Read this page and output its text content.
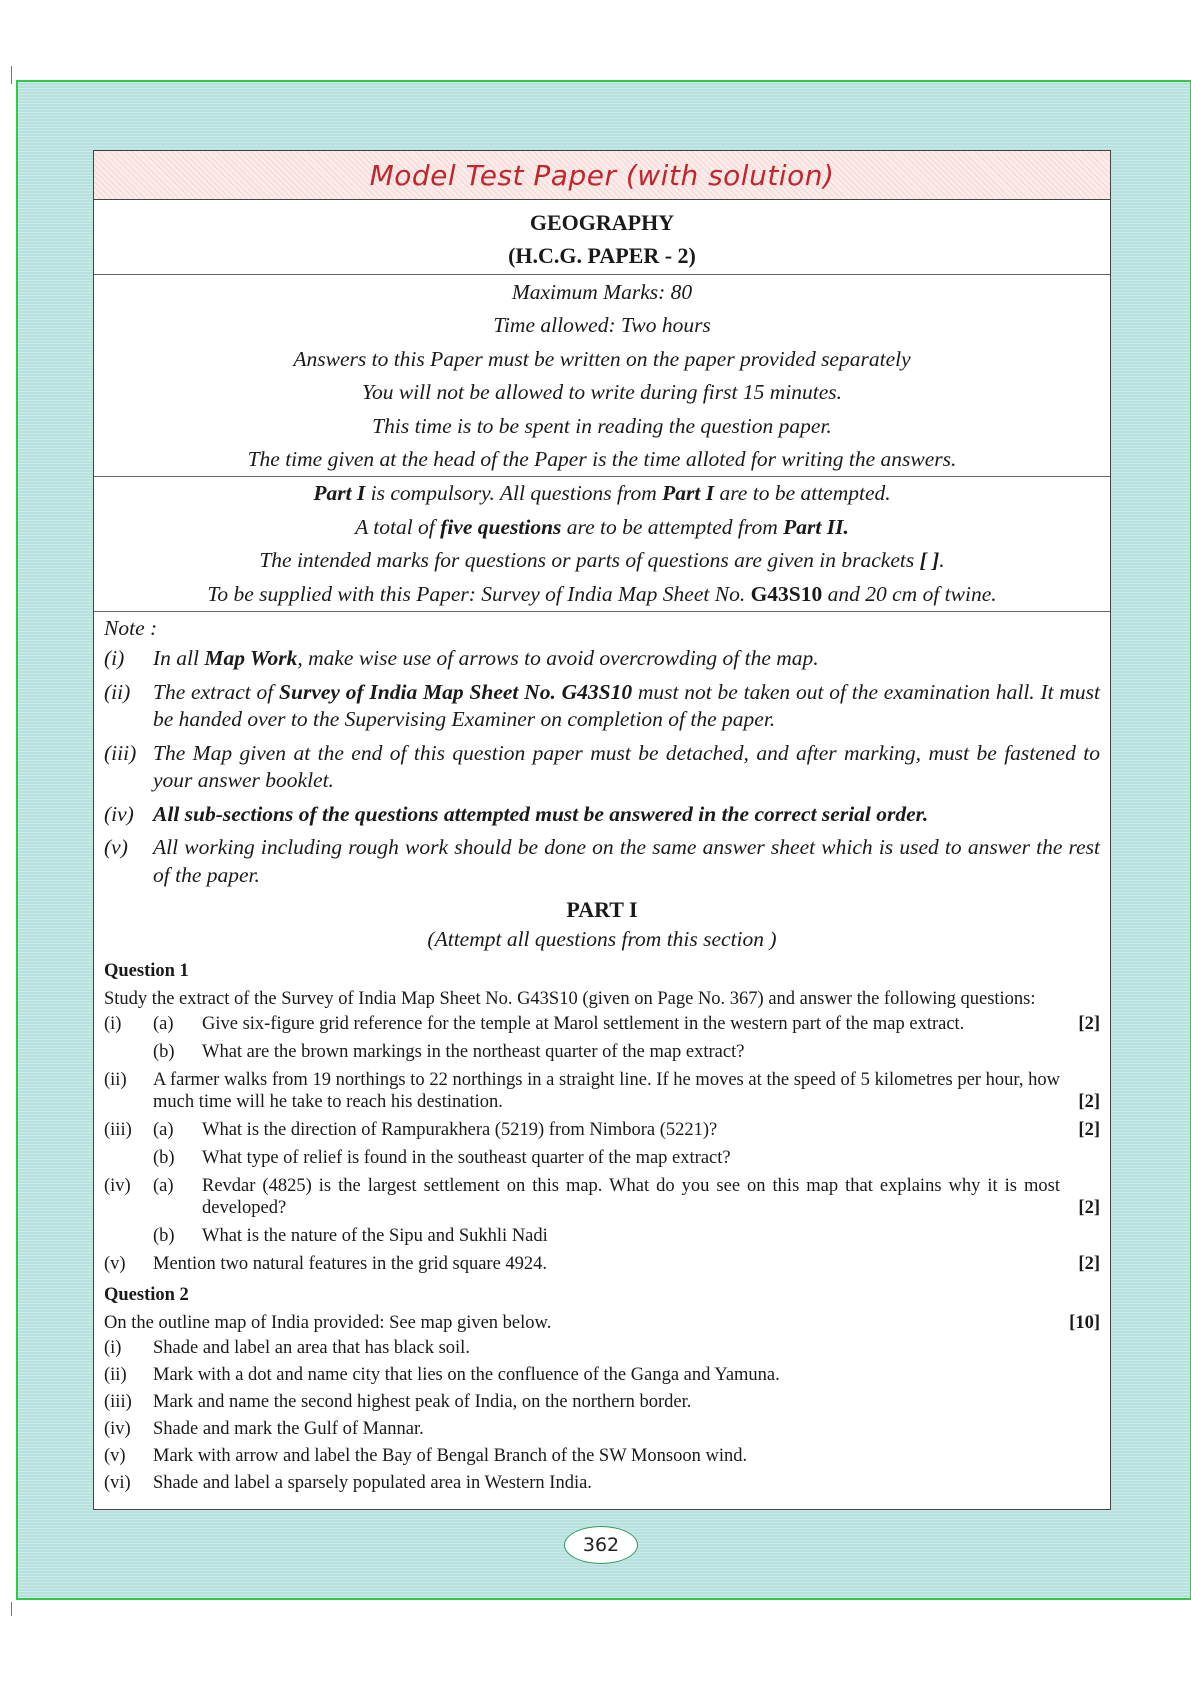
Model Test Paper (with solution)
GEOGRAPHY
(H.C.G. PAPER - 2)
Maximum Marks: 80
Time allowed: Two hours
Answers to this Paper must be written on the paper provided separately
You will not be allowed to write during first 15 minutes.
This time is to be spent in reading the question paper.
The time given at the head of the Paper is the time alloted for writing the answers.
Part I is compulsory. All questions from Part I are to be attempted.
A total of five questions are to be attempted from Part II.
The intended marks for questions or parts of questions are given in brackets [ ].
To be supplied with this Paper: Survey of India Map Sheet No. G43S10 and 20 cm of twine.
Note :
(i)	In all Map Work, make wise use of arrows to avoid overcrowding of the map.
(ii)	The extract of Survey of India Map Sheet No. G43S10 must not be taken out of the examination hall. It must be handed over to the Supervising Examiner on completion of the paper.
(iii) The Map given at the end of this question paper must be detached, and after marking, must be fastened to your answer booklet.
(iv) All sub-sections of the questions attempted must be answered in the correct serial order.
(v)	All working including rough work should be done on the same answer sheet which is used to answer the rest of the paper.
PART I
(Attempt all questions from this section )
Question 1
Study the extract of the Survey of India Map Sheet No. G43S10 (given on Page No. 367) and answer the following questions:
(i)	(a)	Give six-figure grid reference for the temple at Marol settlement in the western part of the map extract.	[2]
(b)	What are the brown markings in the northeast quarter of the map extract?
(ii)	A farmer walks from 19 northings to 22 northings in a straight line. If he moves at the speed of 5 kilometres per hour, how much time will he take to reach his destination.	[2]
(iii)	(a)	What is the direction of Rampurakhera (5219) from Nimbora (5221)?	[2]
(b)	What type of relief is found in the southeast quarter of the map extract?
(iv)	(a)	Revdar (4825) is the largest settlement on this map. What do you see on this map that explains why it is most developed?	[2]
(b)	What is the nature of the Sipu and Sukhli Nadi
(v)	Mention two natural features in the grid square 4924.	[2]
Question 2
On the outline map of India provided: See map given below.	[10]
(i)	Shade and label an area that has black soil.
(ii)	Mark with a dot and name city that lies on the confluence of the Ganga and Yamuna.
(iii)	Mark and name the second highest peak of India, on the northern border.
(iv)	Shade and mark the Gulf of Mannar.
(v)	Mark with arrow and label the Bay of Bengal Branch of the SW Monsoon wind.
(vi)	Shade and label a sparsely populated area in Western India.
362
